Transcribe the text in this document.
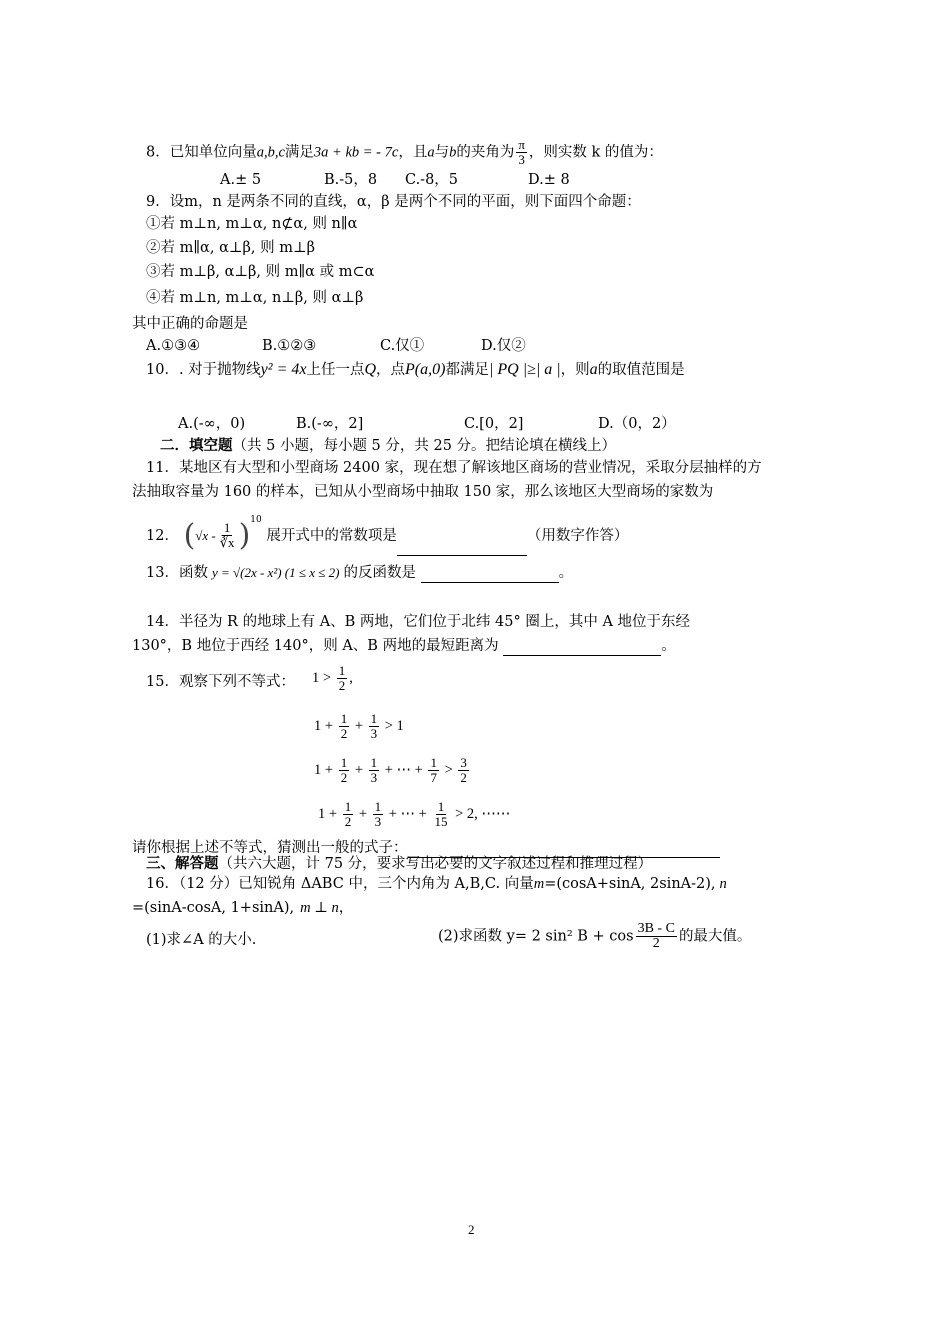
8．已知单位向量a,b,c满足3a + kb = - 7c，且a与b的夹角为 $\frac{\pi}{3}$ ，则实数 k 的值为：
A.± 5	B.-5，8 C.-8，5	D.± 8
9．设m，n 是两条不同的直线，α，β 是两个不同的平面，则下面四个命题：
①若 m⊥n, m⊥α, n⊄α, 则 n∥α
②若 m∥α, α⊥β, 则 m⊥β
③若 m⊥β, α⊥β, 则 m∥α 或 m⊂α
④若 m⊥n, m⊥α, n⊥β, 则 α⊥β
其中正确的命题是
A.①③④	B.①②③	C.仅①	D.仅②
10．. 对于抛物线y² = 4x上任一点Q，点P(a,0)都满足| PQ |≥| a |，则a的取值范围是
A.(-∞，0)	B.(-∞，2]	C.[0，2]	D.（0，2）
二．填空题（共 5 小题，每小题 5 分，共 25 分。把结论填在横线上）
11．某地区有大型和小型商场 2400 家，现在想了解该地区商场的营业情况，采取分层抽样的方
法抽取容量为 160 的样本，已知从小型商场中抽取 150 家，那么该地区大型商场的家数为
12． $(√x - \frac{1}{∛x} )^{10}$ 展开式中的常数项是	（用数字作答）
13．函数 y = √(2x - x²) (1 ≤ x ≤ 2) 的反函数是	。
14．半径为 R 的地球上有 A、B 两地，它们位于北纬 45° 圈上，其中 A 地位于东经
130°，B 地位于西经 140°，则 A、B 两地的最短距离为	。
15．观察下列不等式： $1 > \frac{1}{2}$ ,
$1 + \frac{1}{2} + \frac{1}{3} > 1$
$1 + \frac{1}{2} + \frac{1}{3}$ + ⋯ + $\frac{1}{7} > \frac{3}{2}$
$1 + \frac{1}{2} + \frac{1}{3}$ + ⋯ + $\frac{1}{15} > 2$, ⋯⋯
请你根据上述不等式，猜测出一般的式子：
三、解答题（共六大题，计 75 分，要求写出必要的文字叙述过程和推理过程）
16．（12 分）已知锐角 ΔABC 中，三个内角为 A,B,C. 向量m=(cosA+sinA, 2sinA-2), n
=(sinA-cosA, 1+sinA), m ⊥ n，
(1)求∠A 的大小.	(2)求函数 y= 2 sin² $B + \cos \frac{3B - C}{2}$ 的最大值。
2
